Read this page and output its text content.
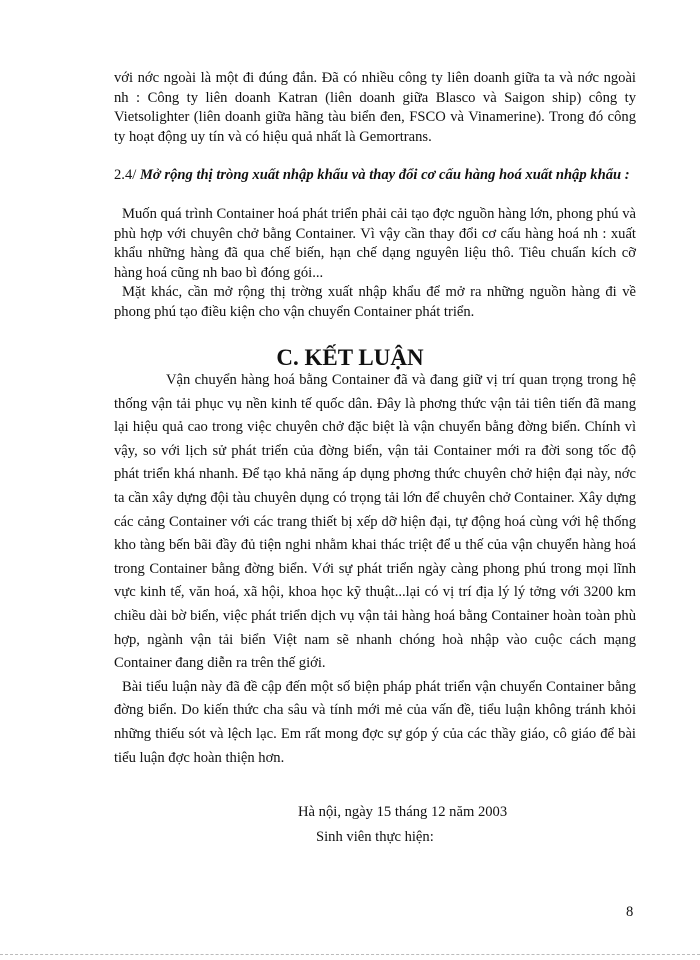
với nớc ngoài là một đi đúng đắn. Đã có nhiều công ty liên doanh giữa ta và nớc ngoài nh : Công ty liên doanh Katran (liên doanh giữa Blasco và Saigon ship) công ty Vietsolighter (liên doanh giữa hãng tàu biển đen, FSCO và Vinamerine). Trong đó công ty hoạt động uy tín và có hiệu quả nhất là Gemortrans.

2.4/ Mở rộng thị tròng xuất nhập khẩu và thay đổi cơ cấu hàng hoá xuất nhập khẩu :

Muốn quá trình Container hoá phát triển phải cải tạo đợc nguồn hàng lớn, phong phú và phù hợp với chuyên chở bằng Container. Vì vậy cần thay đổi cơ cấu hàng hoá nh : xuất khẩu những hàng đã qua chế biến, hạn chế dạng nguyên liệu thô. Tiêu chuẩn kích cỡ hàng hoá cũng nh bao bì đóng gói...

Mặt khác, cần mở rộng thị trờng xuất nhập khẩu để mở ra những nguồn hàng đi về phong phú tạo điều kiện cho vận chuyển Container phát triển.

C. KẾT LUẬN

Vận chuyển hàng hoá bằng Container đã và đang giữ vị trí quan trọng trong hệ thống vận tải phục vụ nền kinh tế quốc dân. Đây là phơng thức vận tải tiên tiến đã mang lại hiệu quả cao trong việc chuyên chở đặc biệt là vận chuyển bằng đờng biển. Chính vì vậy, so với lịch sử phát triển của đờng biển, vận tải Container mới ra đời song tốc độ phát triển khá nhanh. Để tạo khả năng áp dụng phơng thức chuyên chở hiện đại này, nớc ta cần xây dựng đội tàu chuyên dụng có trọng tải lớn để chuyên chở Container. Xây dựng các cảng Container với các trang thiết bị xếp dỡ hiện đại, tự động hoá cùng với hệ thống kho tàng bến bãi đầy đủ tiện nghi nhằm khai thác triệt để u thế của vận chuyển hàng hoá trong Container bằng đờng biển. Với sự phát triển ngày càng phong phú trong mọi lĩnh vực kinh tế, văn hoá, xã hội, khoa học kỹ thuật...lại có vị trí địa lý lý tởng với 3200 km chiều dài bờ biển, việc phát triển dịch vụ vận tải hàng hoá bằng Container hoàn toàn phù hợp, ngành vận tải biển Việt nam sẽ nhanh chóng hoà nhập vào cuộc cách mạng Container đang diễn ra trên thế giới.

Bài tiểu luận này đã đề cập đến một số biện pháp phát triển vận chuyển Container bằng đờng biển. Do kiến thức cha sâu và tính mới mẻ của vấn đề, tiểu luận không tránh khỏi những thiếu sót và lệch lạc. Em rất mong đợc sự góp ý của các thầy giáo, cô giáo để bài tiểu luận đợc hoàn thiện hơn.

Hà nội, ngày 15 tháng 12 năm 2003
Sinh viên thực hiện:
8
